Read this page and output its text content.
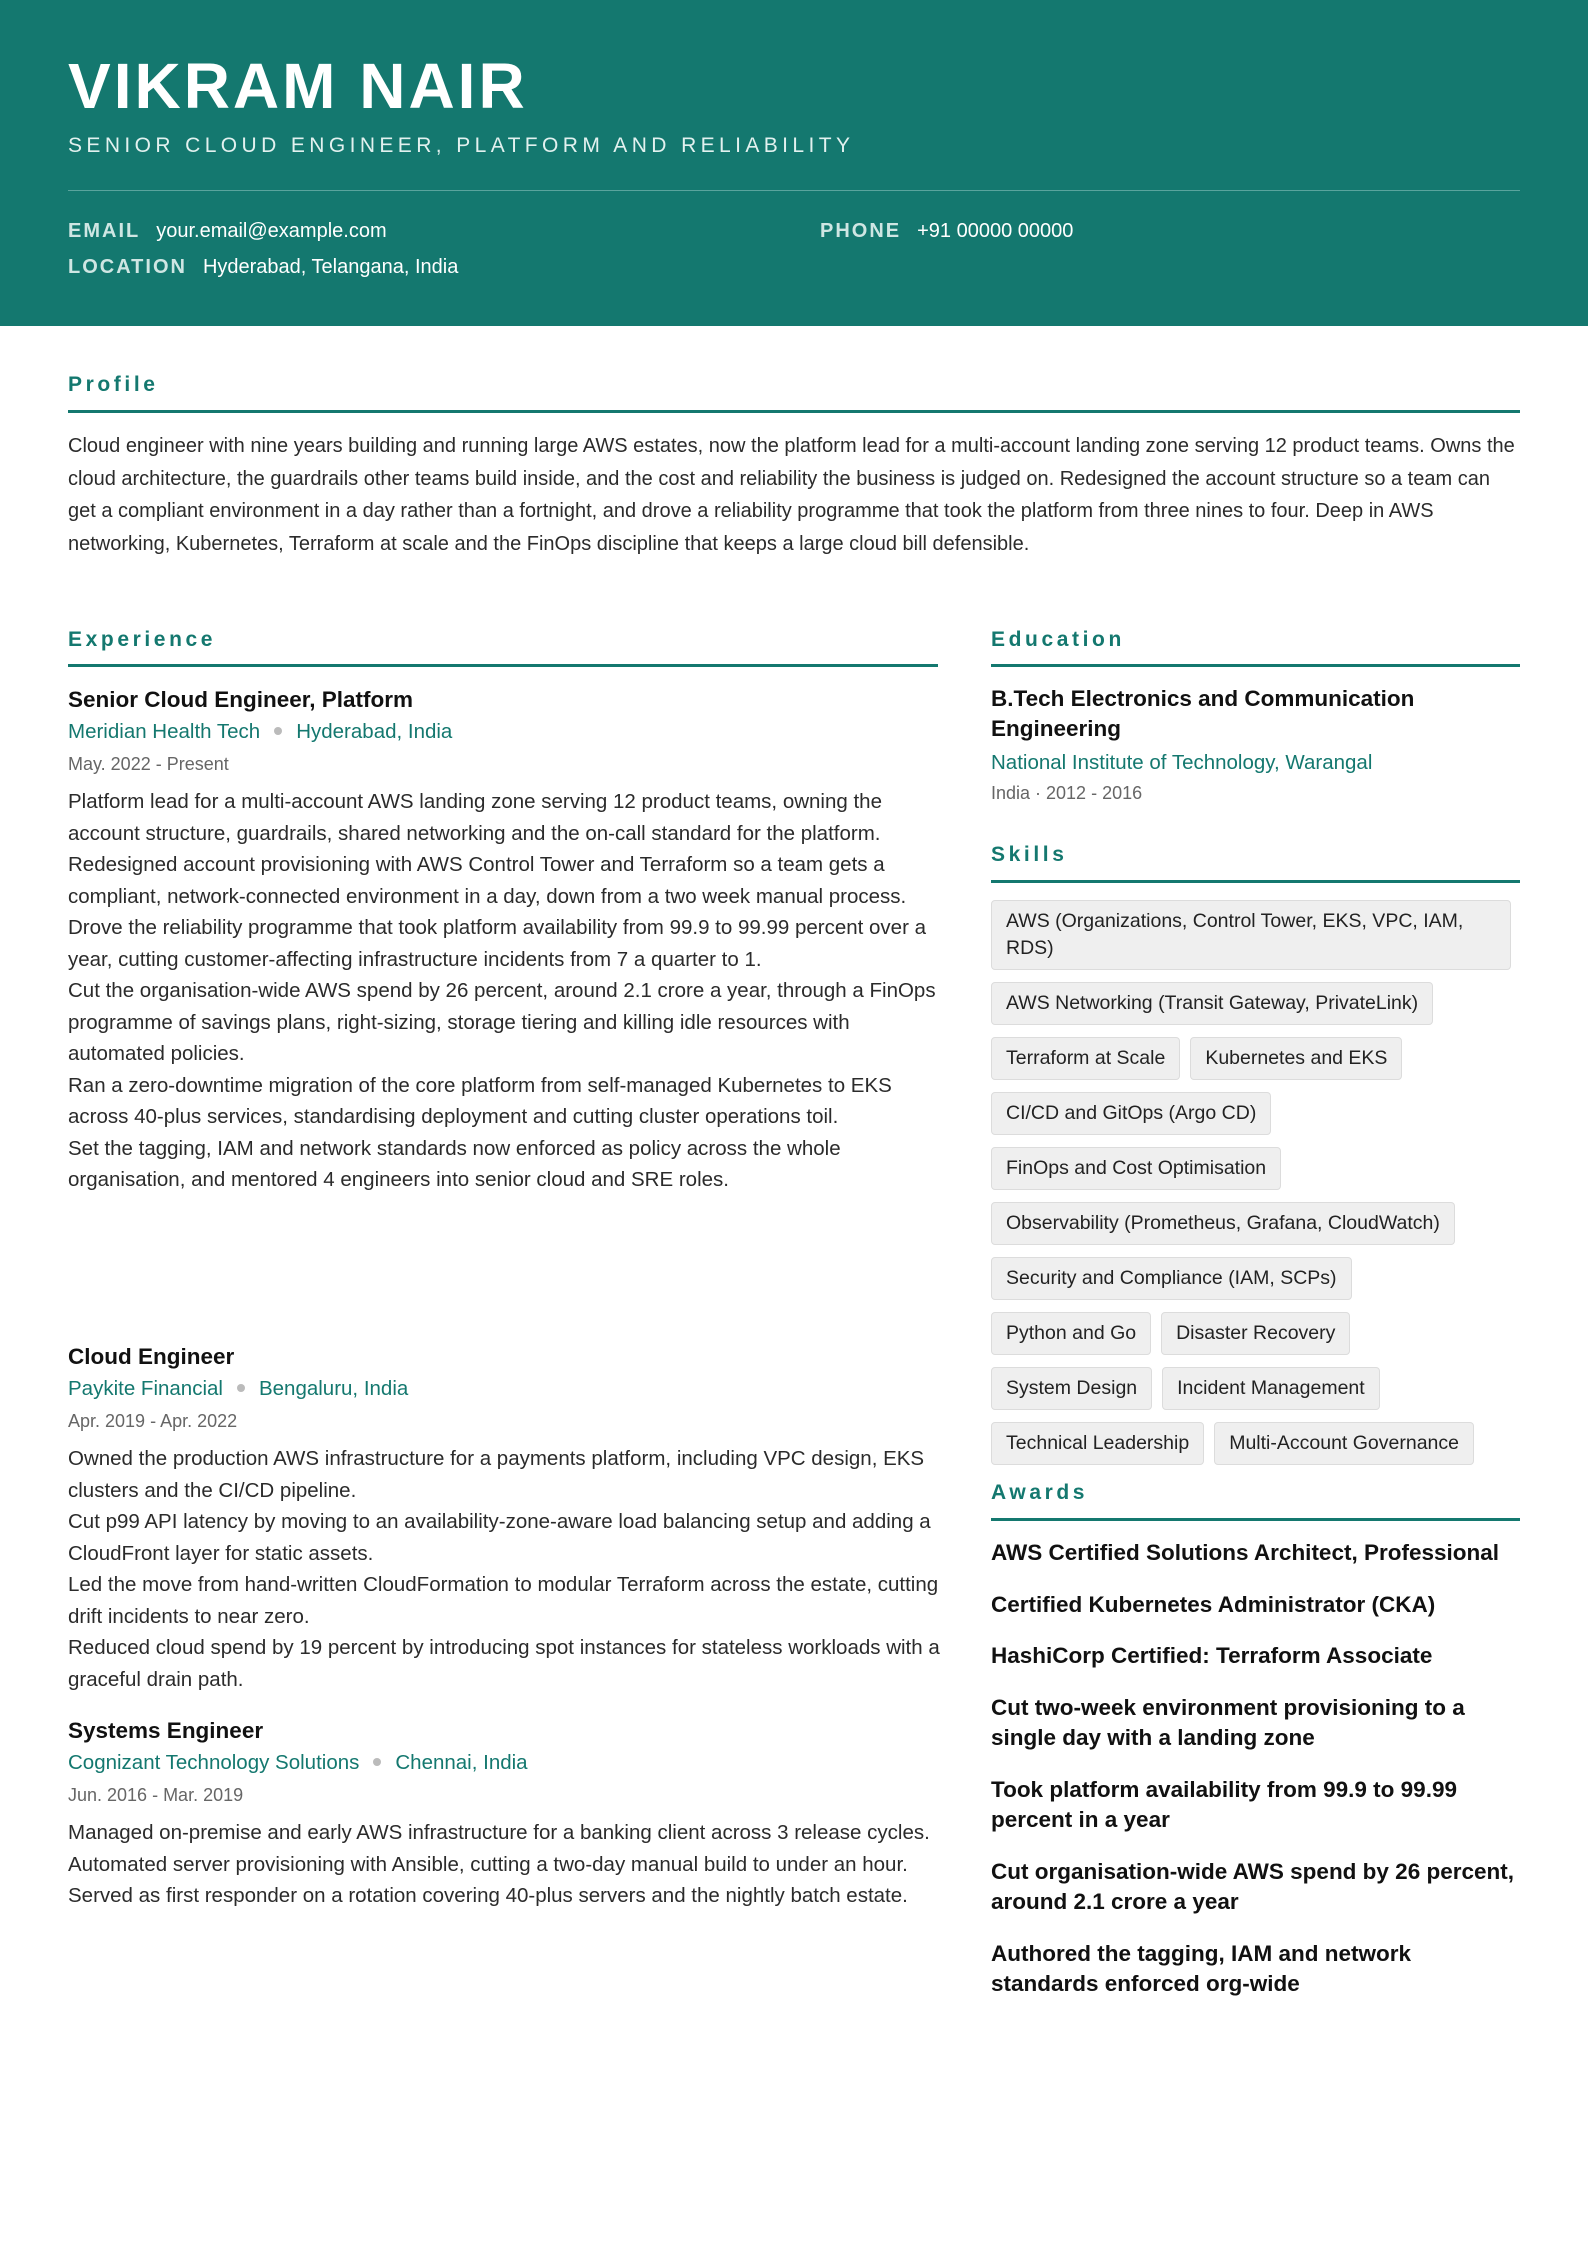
VIKRAM NAIR
SENIOR CLOUD ENGINEER, PLATFORM AND RELIABILITY
EMAIL your.email@example.com	PHONE +91 00000 00000
LOCATION Hyderabad, Telangana, India
Profile
Cloud engineer with nine years building and running large AWS estates, now the platform lead for a multi-account landing zone serving 12 product teams. Owns the cloud architecture, the guardrails other teams build inside, and the cost and reliability the business is judged on. Redesigned the account structure so a team can get a compliant environment in a day rather than a fortnight, and drove a reliability programme that took the platform from three nines to four. Deep in AWS networking, Kubernetes, Terraform at scale and the FinOps discipline that keeps a large cloud bill defensible.
Experience
Senior Cloud Engineer, Platform
Meridian Health Tech Hyderabad, India
May. 2022 - Present
Platform lead for a multi-account AWS landing zone serving 12 product teams, owning the account structure, guardrails, shared networking and the on-call standard for the platform.
Redesigned account provisioning with AWS Control Tower and Terraform so a team gets a compliant, network-connected environment in a day, down from a two week manual process.
Drove the reliability programme that took platform availability from 99.9 to 99.99 percent over a year, cutting customer-affecting infrastructure incidents from 7 a quarter to 1.
Cut the organisation-wide AWS spend by 26 percent, around 2.1 crore a year, through a FinOps programme of savings plans, right-sizing, storage tiering and killing idle resources with automated policies.
Ran a zero-downtime migration of the core platform from self-managed Kubernetes to EKS across 40-plus services, standardising deployment and cutting cluster operations toil.
Set the tagging, IAM and network standards now enforced as policy across the whole organisation, and mentored 4 engineers into senior cloud and SRE roles.
Cloud Engineer
Paykite Financial Bengaluru, India
Apr. 2019 - Apr. 2022
Owned the production AWS infrastructure for a payments platform, including VPC design, EKS clusters and the CI/CD pipeline.
Cut p99 API latency by moving to an availability-zone-aware load balancing setup and adding a CloudFront layer for static assets.
Led the move from hand-written CloudFormation to modular Terraform across the estate, cutting drift incidents to near zero.
Reduced cloud spend by 19 percent by introducing spot instances for stateless workloads with a graceful drain path.
Systems Engineer
Cognizant Technology Solutions Chennai, India
Jun. 2016 - Mar. 2019
Managed on-premise and early AWS infrastructure for a banking client across 3 release cycles.
Automated server provisioning with Ansible, cutting a two-day manual build to under an hour.
Served as first responder on a rotation covering 40-plus servers and the nightly batch estate.
Education
B.Tech Electronics and Communication Engineering
National Institute of Technology, Warangal
India · 2012 - 2016
Skills
AWS (Organizations, Control Tower, EKS, VPC, IAM, RDS)
AWS Networking (Transit Gateway, PrivateLink)
Terraform at Scale	Kubernetes and EKS
CI/CD and GitOps (Argo CD)
FinOps and Cost Optimisation
Observability (Prometheus, Grafana, CloudWatch)
Security and Compliance (IAM, SCPs)
Python and Go	Disaster Recovery
System Design	Incident Management
Technical Leadership	Multi-Account Governance
Awards
AWS Certified Solutions Architect, Professional
Certified Kubernetes Administrator (CKA)
HashiCorp Certified: Terraform Associate
Cut two-week environment provisioning to a single day with a landing zone
Took platform availability from 99.9 to 99.99 percent in a year
Cut organisation-wide AWS spend by 26 percent, around 2.1 crore a year
Authored the tagging, IAM and network standards enforced org-wide
